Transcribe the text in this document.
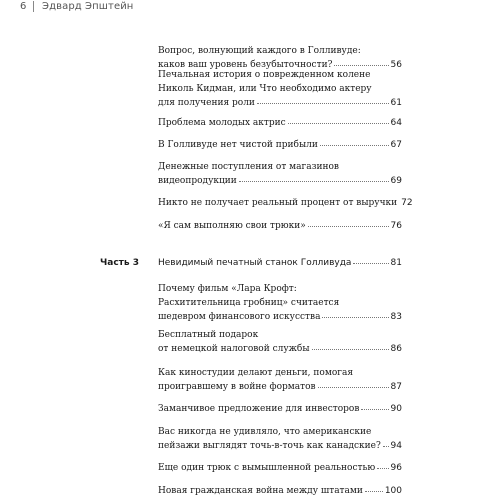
6 Эдвард Эпштейн
Вопрос, волнующий каждого в Голливуде:
каков ваш уровень безубыточности?	56
Печальная история о поврежденном колене
Николь Кидман, или Что необходимо актеру
для получения роли	61
Проблема молодых актрис	64
В Голливуде нет чистой прибыли	67
Денежные поступления от магазинов
видеопродукции	69
Никто не получает реальный процент от выручки 72
«Я сам выполняю свои трюки»	76
Часть 3 Невидимый печатный станок Голливуда	81
Почему фильм «Лара Крофт:
Расхитительница гробниц» считается
шедевром финансового искусства	83
Бесплатный подарок
от немецкой налоговой службы	86
Как киностудии делают деньги, помогая
проигравшему в войне форматов	87
Заманчивое предложение для инвесторов	90
Вас никогда не удивляло, что американские
пейзажи выглядят точь-в-точь как канадские? 94
Еще один трюк с вымышленной реальностью 96
Новая гражданская война между штатами 100
